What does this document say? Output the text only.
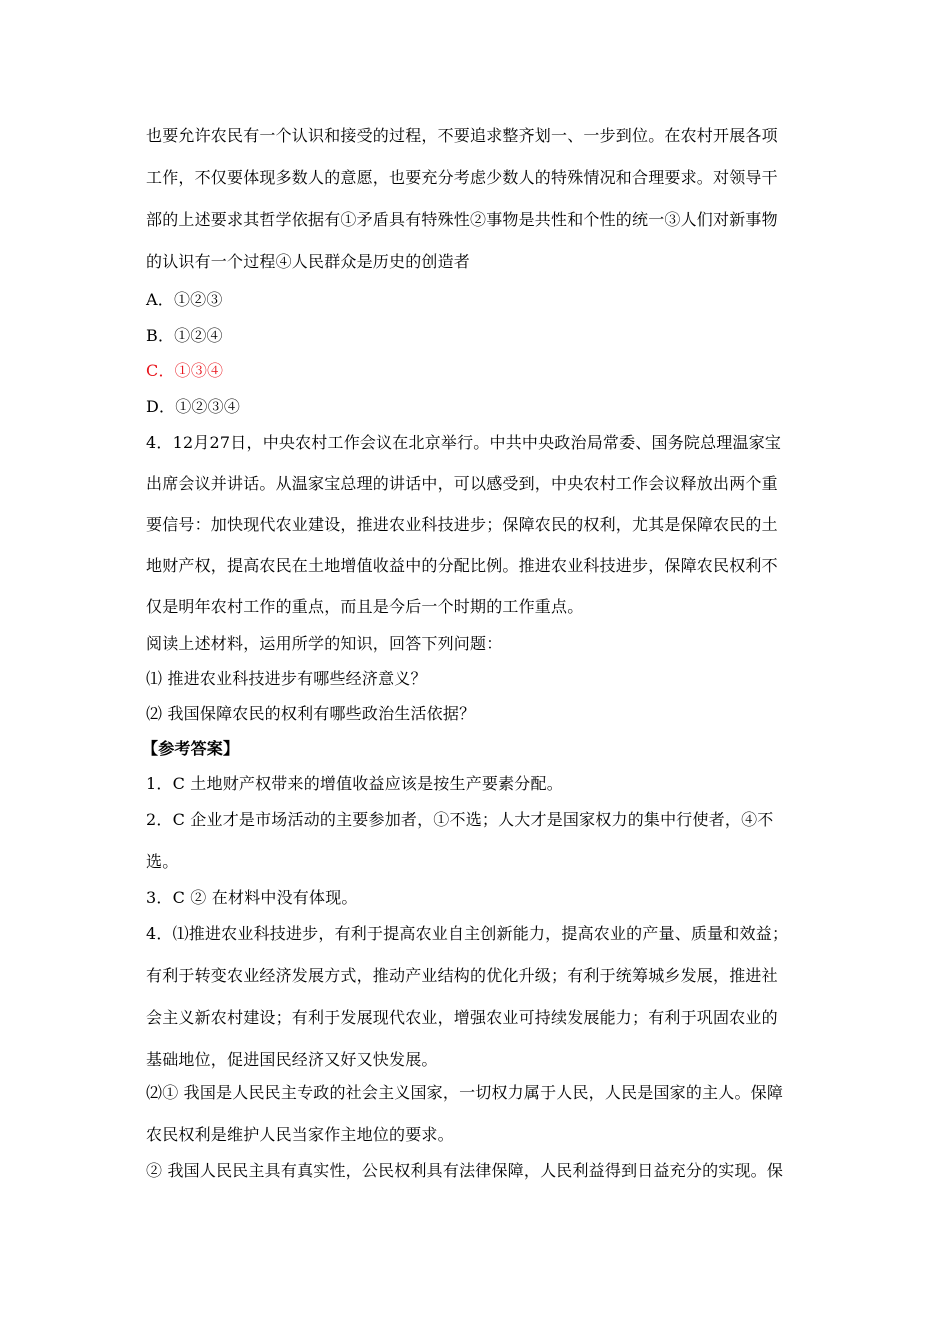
也要允许农民有一个认识和接受的过程，不要追求整齐划一、一步到位。在农村开展各项
工作，不仅要体现多数人的意愿，也要充分考虑少数人的特殊情况和合理要求。对领导干
部的上述要求其哲学依据有①矛盾具有特殊性②事物是共性和个性的统一③人们对新事物
的认识有一个过程④人民群众是历史的创造者
A．①②③
B．①②④
C．①③④
D．①②③④
4．12月27日，中央农村工作会议在北京举行。中共中央政治局常委、国务院总理温家宝
出席会议并讲话。从温家宝总理的讲话中，可以感受到，中央农村工作会议释放出两个重
要信号：加快现代农业建设，推进农业科技进步；保障农民的权利，尤其是保障农民的土
地财产权，提高农民在土地增值收益中的分配比例。推进农业科技进步，保障农民权利不
仅是明年农村工作的重点，而且是今后一个时期的工作重点。
阅读上述材料，运用所学的知识，回答下列问题：
⑴ 推进农业科技进步有哪些经济意义？
⑵ 我国保障农民的权利有哪些政治生活依据？
【参考答案】
1．C 土地财产权带来的增值收益应该是按生产要素分配。
2．C 企业才是市场活动的主要参加者，①不选；人大才是国家权力的集中行使者，④不
选。
3．C ② 在材料中没有体现。
4．⑴推进农业科技进步，有利于提高农业自主创新能力，提高农业的产量、质量和效益；
有利于转变农业经济发展方式，推动产业结构的优化升级；有利于统筹城乡发展，推进社
会主义新农村建设；有利于发展现代农业，增强农业可持续发展能力；有利于巩固农业的
基础地位，促进国民经济又好又快发展。
⑵① 我国是人民民主专政的社会主义国家，一切权力属于人民，人民是国家的主人。保障
农民权利是维护人民当家作主地位的要求。
② 我国人民民主具有真实性，公民权利具有法律保障，人民利益得到日益充分的实现。保
